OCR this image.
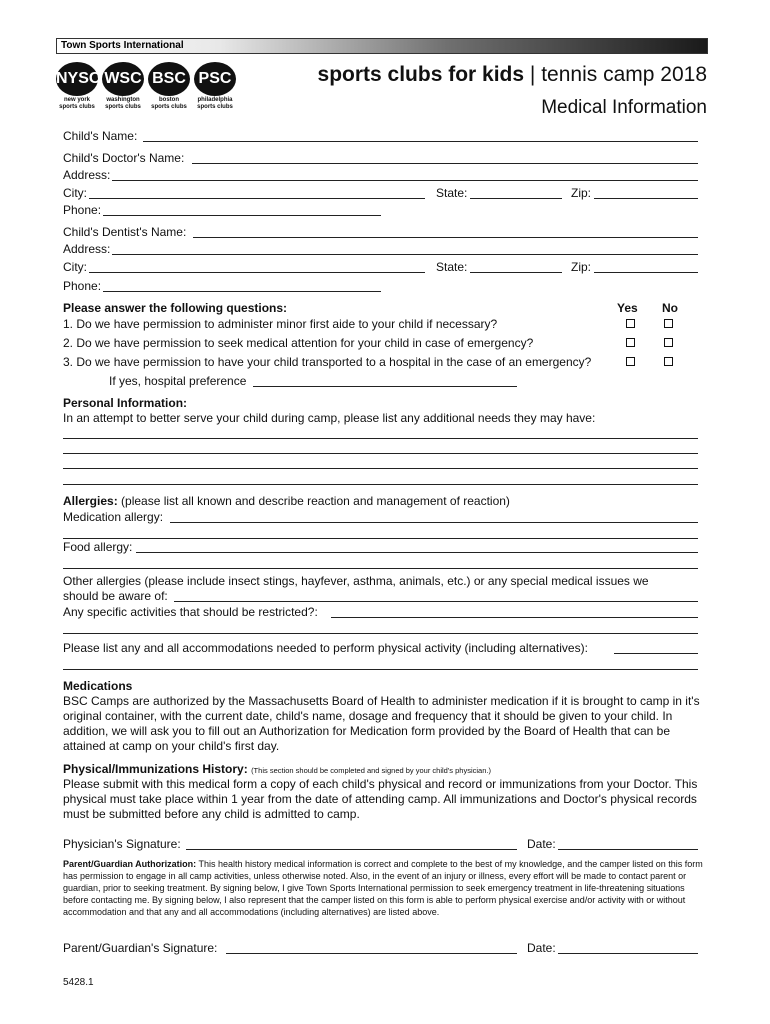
Town Sports International
NYSC WSC BSC PSC
new york
sports clubs
washington
sports clubs
boston
sports clubs
philadelphia
sports clubs
sports clubs for kids | tennis camp 2018
Medical Information
Child's Name:
Child's Doctor's Name:
Address:
City:	State:	Zip:
Phone:
Child's Dentist's Name:
Address:
City:	State:	Zip:
Phone:
Please answer the following questions:	Yes No
1. Do we have permission to administer minor first aide to your child if necessary?
2. Do we have permission to seek medical attention for your child in case of emergency?
3. Do we have permission to have your child transported to a hospital in the case of an emergency?
If yes, hospital preference
Personal Information:
In an attempt to better serve your child during camp, please list any additional needs they may have:
Allergies: (please list all known and describe reaction and management of reaction)
Medication allergy:
Food allergy:
Other allergies (please include insect stings, hayfever, asthma, animals, etc.) or any special medical issues we
should be aware of:
Any specific activities that should be restricted?:
Please list any and all accommodations needed to perform physical activity (including alternatives):
Medications
BSC Camps are authorized by the Massachusetts Board of Health to administer medication if it is brought to camp in it's original container, with the current date, child's name, dosage and frequency that it should be given to your child. In addition, we will ask you to fill out an Authorization for Medication form provided by the Board of Health that can be attained at camp on your child's first day.
Physical/Immunizations History: (This section should be completed and signed by your child's physician.)
Please submit with this medical form a copy of each child's physical and record or immunizations from your Doctor. This physical must take place within 1 year from the date of attending camp. All immunizations and Doctor's physical records must be submitted before any child is admitted to camp.
Physician's Signature:	Date:
Parent/Guardian Authorization: This health history medical information is correct and complete to the best of my knowledge, and the camper listed on this form has permission to engage in all camp activities, unless otherwise noted. Also, in the event of an injury or illness, every effort will be made to contact parent or guardian, prior to seeking treatment. By signing below, I give Town Sports International permission to seek emergency treatment in life-threatening situations before contacting me. By signing below, I also represent that the camper listed on this form is able to perform physical exercise and/or activity with or without accommodation and that any and all accommodations (including alternatives) are listed above.
Parent/Guardian's Signature:	Date:
5428.1
